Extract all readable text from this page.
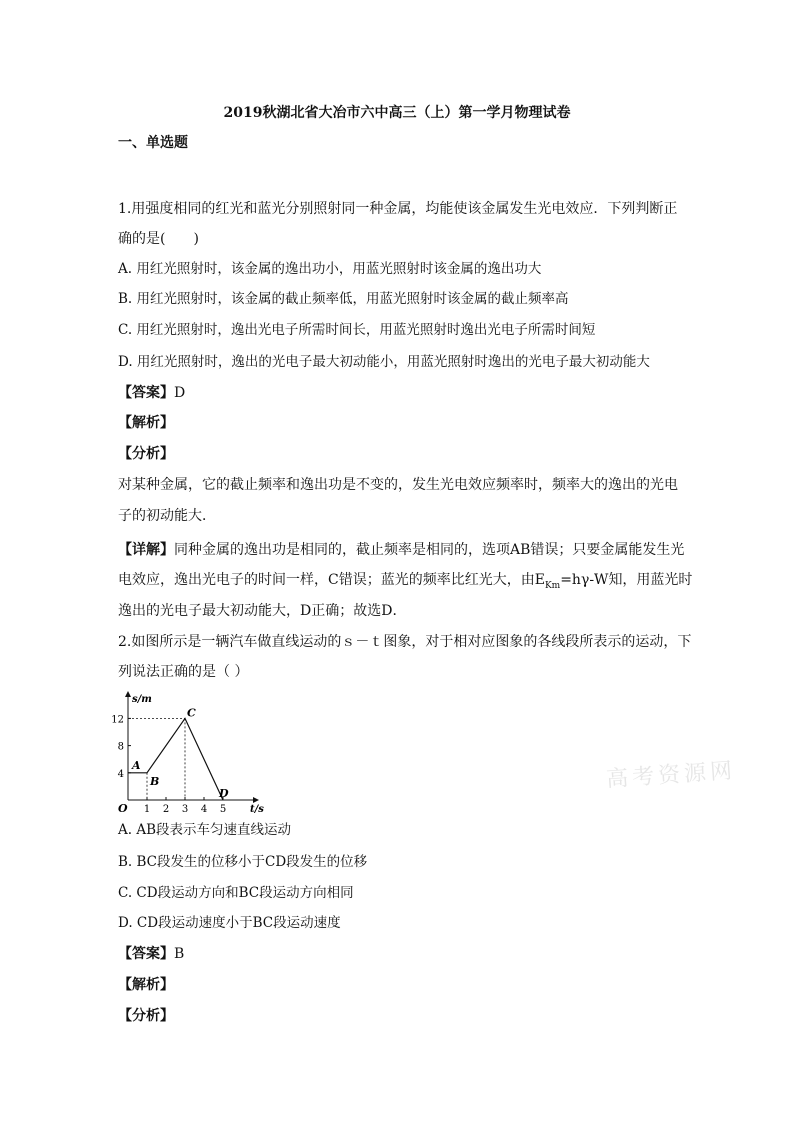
2019秋湖北省大冶市六中高三（上）第一学月物理试卷
一、单选题
1.用强度相同的红光和蓝光分别照射同一种金属，均能使该金属发生光电效应．下列判断正
确的是(　　)
A. 用红光照射时，该金属的逸出功小，用蓝光照射时该金属的逸出功大
B. 用红光照射时，该金属的截止频率低，用蓝光照射时该金属的截止频率高
C. 用红光照射时，逸出光电子所需时间长，用蓝光照射时逸出光电子所需时间短
D. 用红光照射时，逸出的光电子最大初动能小，用蓝光照射时逸出的光电子最大初动能大
【答案】D
【解析】
【分析】
对某种金属，它的截止频率和逸出功是不变的，发生光电效应频率时，频率大的逸出的光电
子的初动能大．
【详解】同种金属的逸出功是相同的，截止频率是相同的，选项AB错误；只要金属能发生光
电效应，逸出光电子的时间一样，C错误；蓝光的频率比红光大，由$E_{Km}=h\gamma-W$知，用蓝光时
逸出的光电子最大初动能大，D正确；故选D．
2.如图所示是一辆汽车做直线运动的ｓ－ｔ图象，对于相对应图象的各线段所表示的运动，下
列说法正确的是（ ）
s/m
t/s
O
4
8
12
1 2 3 4 5
A
B
C
D
A. AB段表示车匀速直线运动
B. BC段发生的位移小于CD段发生的位移
C. CD段运动方向和BC段运动方向相同
D. CD段运动速度小于BC段运动速度
【答案】B
【解析】
【分析】
高考资源网
